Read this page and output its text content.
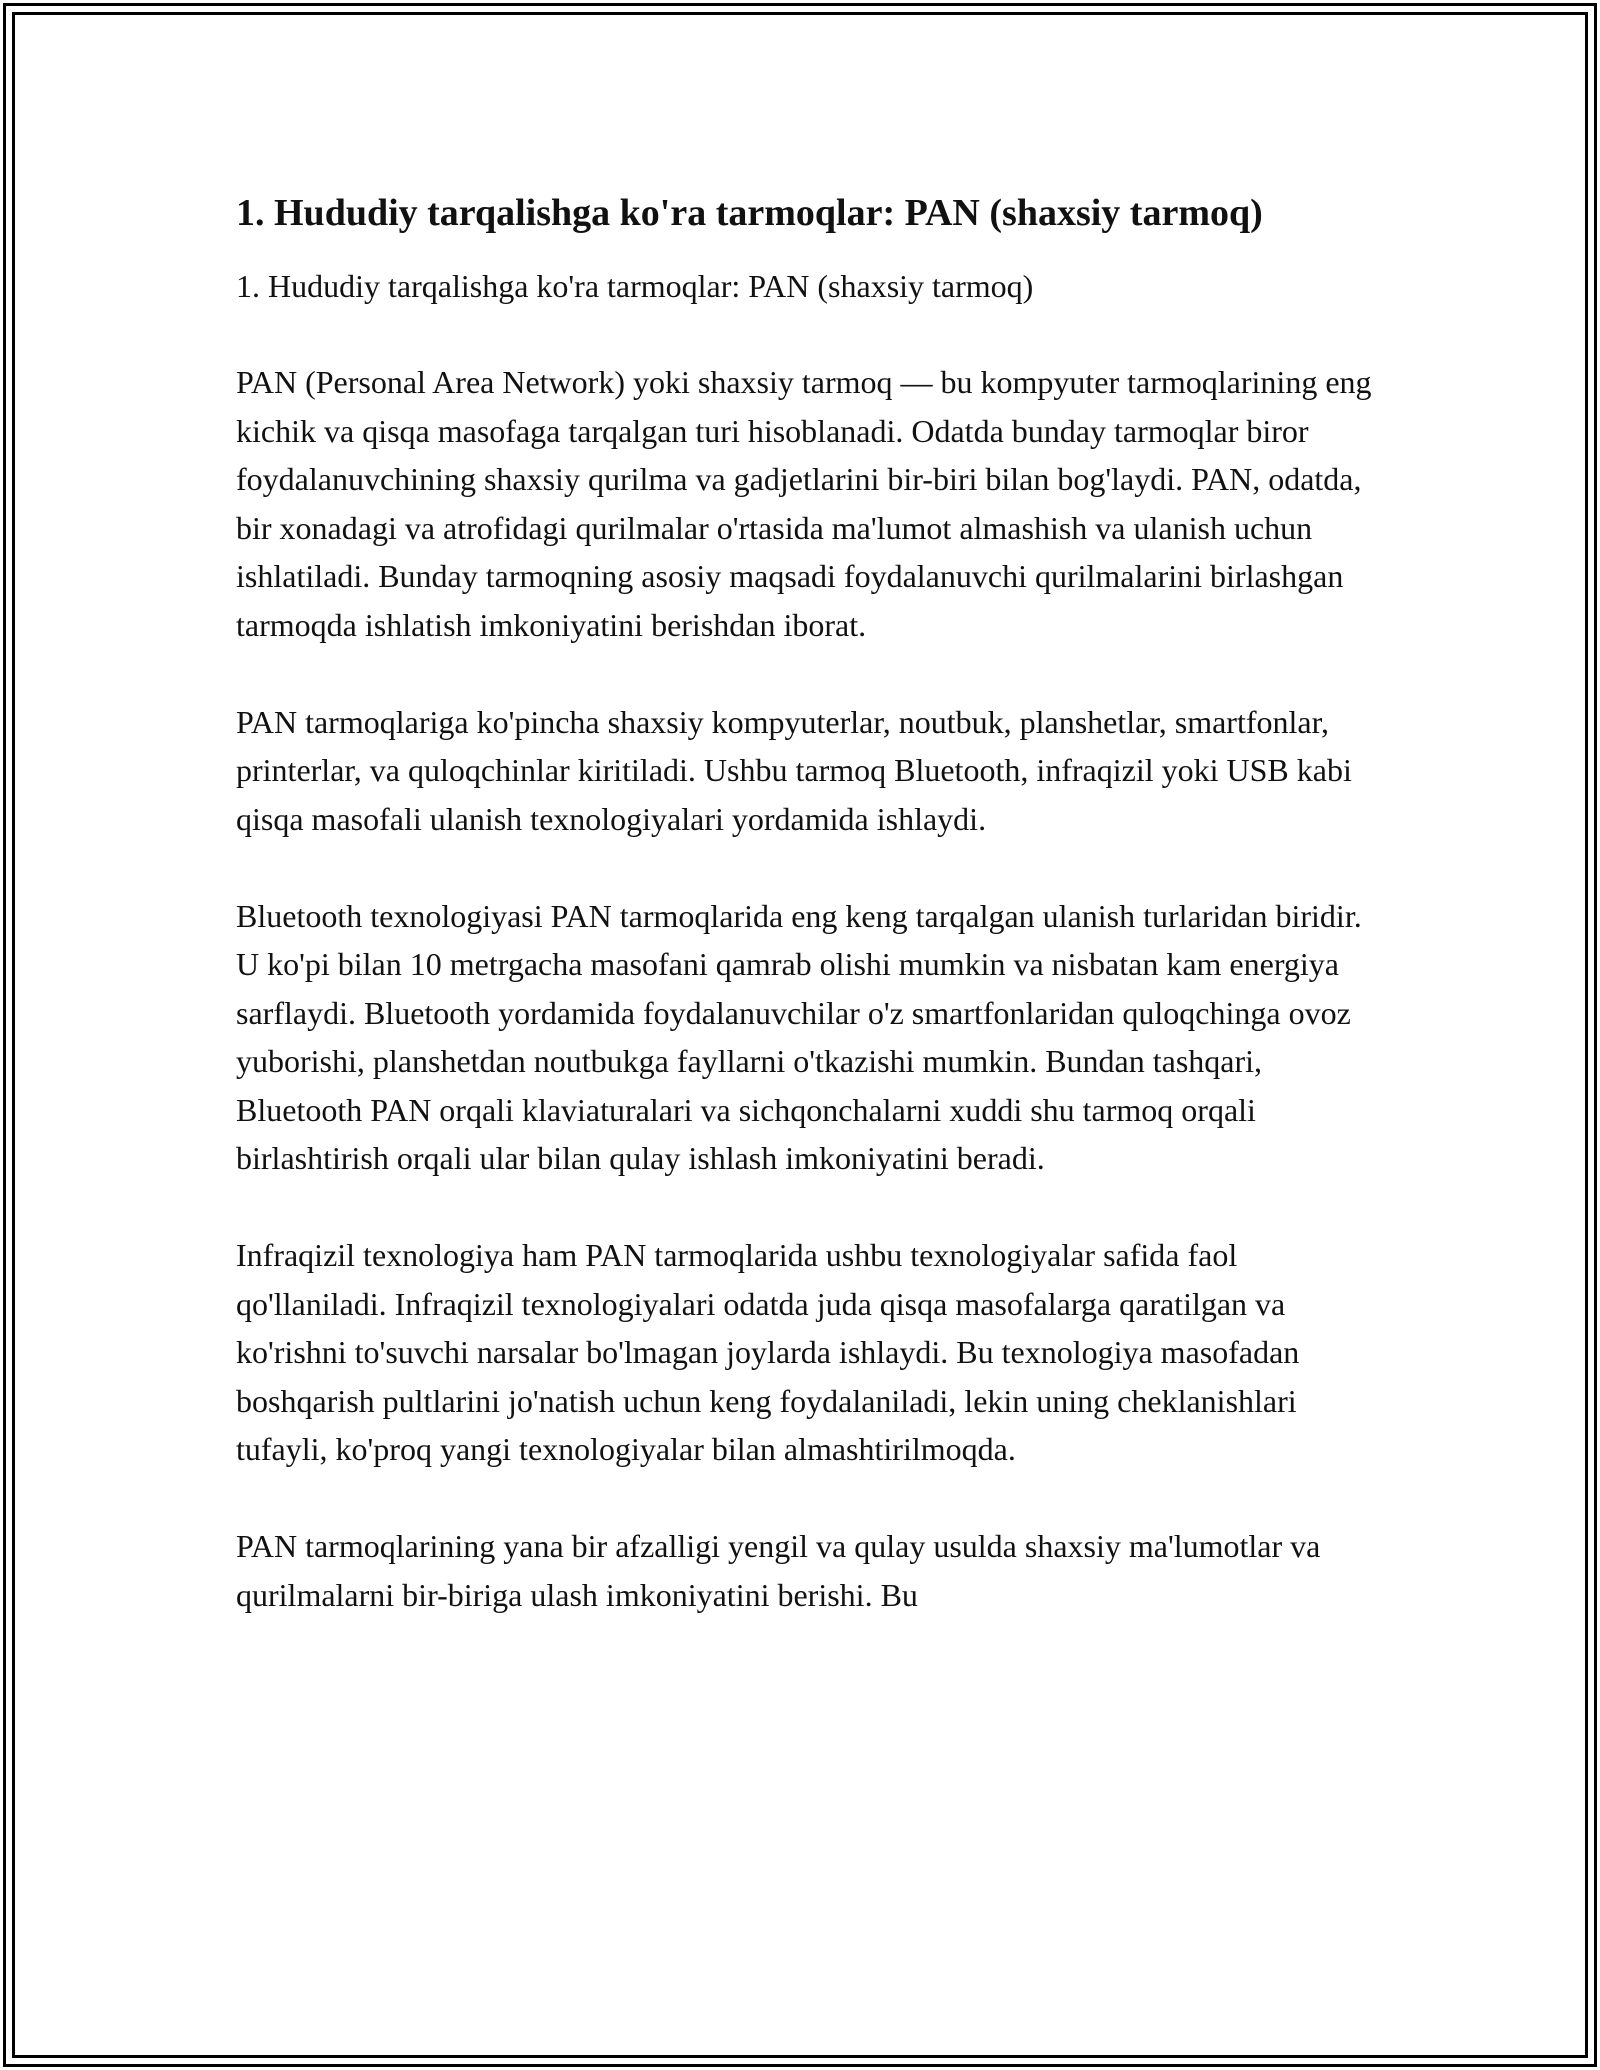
1. Hududiy tarqalishga ko'ra tarmoqlar: PAN (shaxsiy tarmoq)

1. Hududiy tarqalishga ko'ra tarmoqlar: PAN (shaxsiy tarmoq)

PAN (Personal Area Network) yoki shaxsiy tarmoq — bu kompyuter tarmoqlarining eng kichik va qisqa masofaga tarqalgan turi hisoblanadi. Odatda bunday tarmoqlar biror foydalanuvchining shaxsiy qurilma va gadjetlarini bir-biri bilan bog'laydi. PAN, odatda, bir xonadagi va atrofidagi qurilmalar o'rtasida ma'lumot almashish va ulanish uchun ishlatiladi. Bunday tarmoqning asosiy maqsadi foydalanuvchi qurilmalarini birlashgan tarmoqda ishlatish imkoniyatini berishdan iborat.

PAN tarmoqlariga ko'pincha shaxsiy kompyuterlar, noutbuk, planshetlar, smartfonlar, printerlar, va quloqchinlar kiritiladi. Ushbu tarmoq Bluetooth, infraqizil yoki USB kabi qisqa masofali ulanish texnologiyalari yordamida ishlaydi.

Bluetooth texnologiyasi PAN tarmoqlarida eng keng tarqalgan ulanish turlaridan biridir. U ko'pi bilan 10 metrgacha masofani qamrab olishi mumkin va nisbatan kam energiya sarflaydi. Bluetooth yordamida foydalanuvchilar o'z smartfonlaridan quloqchinga ovoz yuborishi, planshetdan noutbukga fayllarni o'tkazishi mumkin. Bundan tashqari, Bluetooth PAN orqali klaviaturalari va sichqonchalarni xuddi shu tarmoq orqali birlashtirish orqali ular bilan qulay ishlash imkoniyatini beradi.

Infraqizil texnologiya ham PAN tarmoqlarida ushbu texnologiyalar safida faol qo'llaniladi. Infraqizil texnologiyalari odatda juda qisqa masofalarga qaratilgan va ko'rishni to'suvchi narsalar bo'lmagan joylarda ishlaydi. Bu texnologiya masofadan boshqarish pultlarini jo'natish uchun keng foydalaniladi, lekin uning cheklanishlari tufayli, ko'proq yangi texnologiyalar bilan almashtirilmoqda.

PAN tarmoqlarining yana bir afzalligi yengil va qulay usulda shaxsiy ma'lumotlar va qurilmalarni bir-biriga ulash imkoniyatini berishi. Bu
